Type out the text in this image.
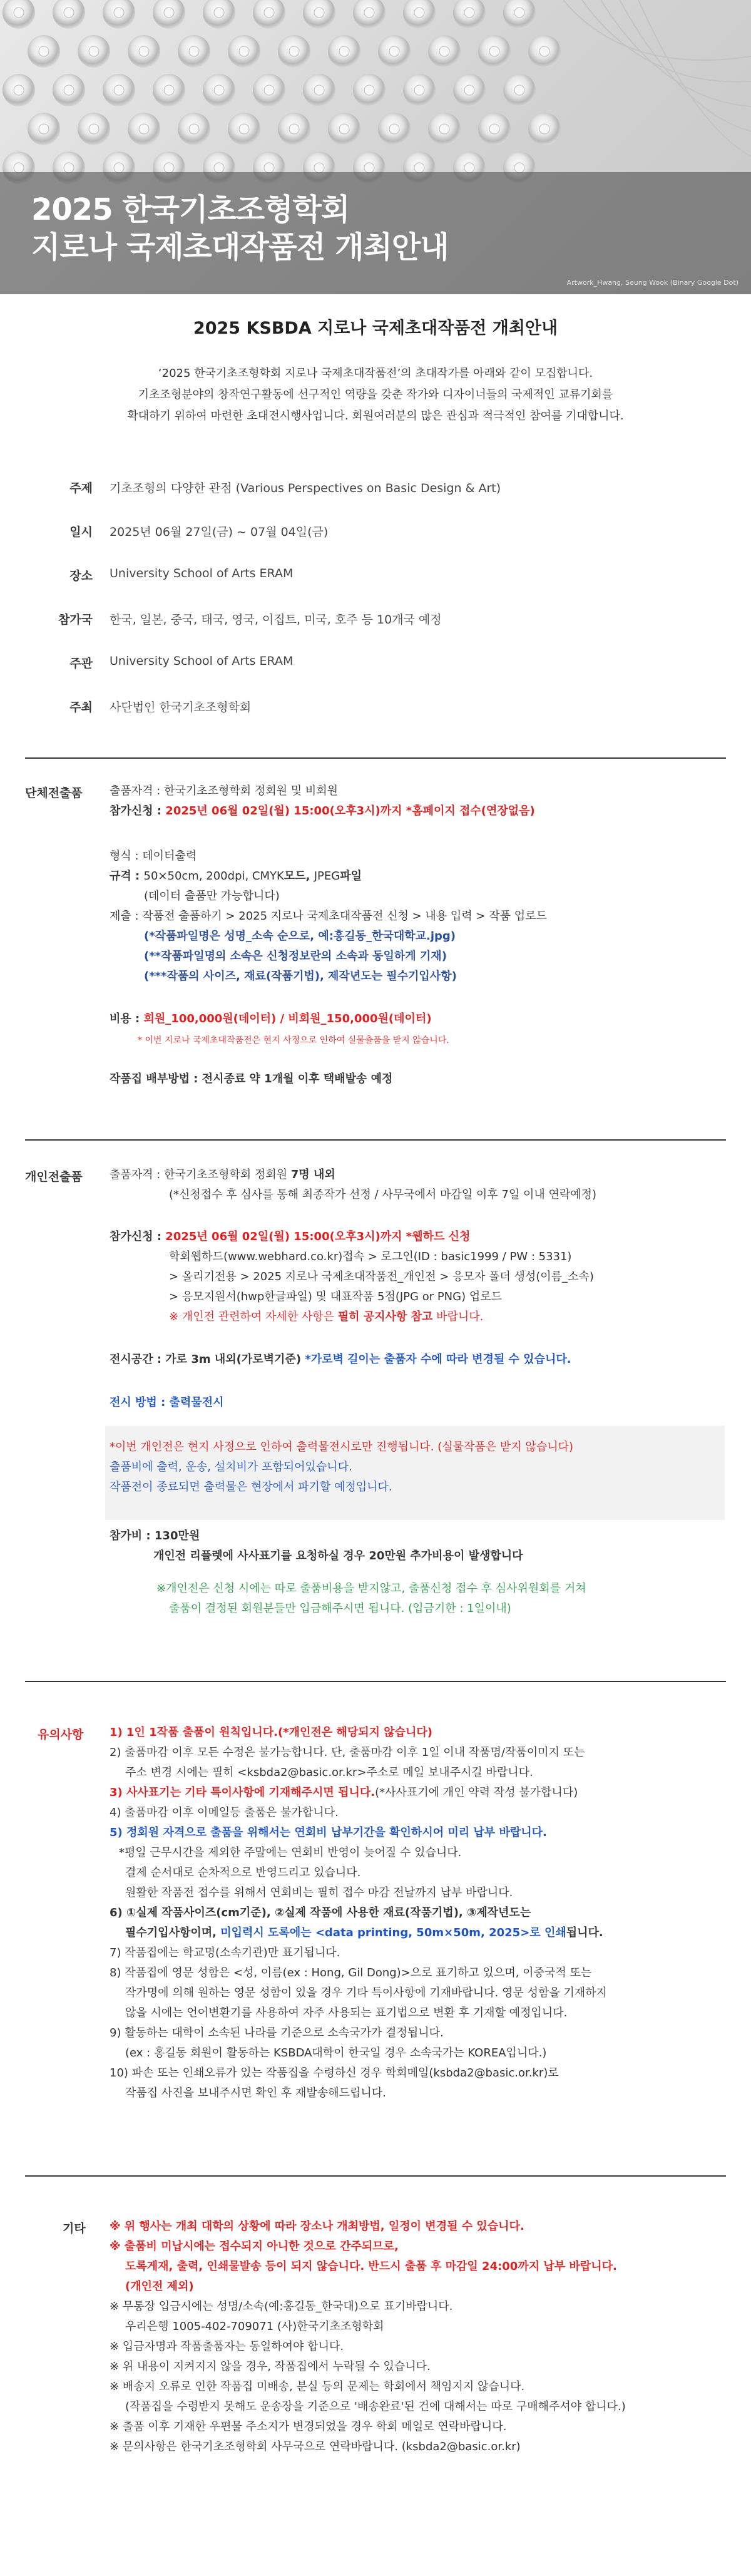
2025 한국기초조형학회
지로나 국제초대작품전 개최안내
Artwork_Hwang, Seung Wook (Binary Google Dot)
2025 KSBDA 지로나 국제초대작품전 개최안내
‘2025 한국기초조형학회 지로나 국제초대작품전’의 초대작가를 아래와 같이 모집합니다.
기초조형분야의 창작연구활동에 선구적인 역량을 갖춘 작가와 디자이너들의 국제적인 교류기회를
확대하기 위하여 마련한 초대전시행사입니다. 회원여러분의 많은 관심과 적극적인 참여를 기대합니다.
주제 기초조형의 다양한 관점 (Various Perspectives on Basic Design & Art)
일시 2025년 06월 27일(금) ~ 07월 04일(금)
장소 University School of Arts ERAM
참가국 한국, 일본, 중국, 태국, 영국, 이집트, 미국, 호주 등 10개국 예정
주관 University School of Arts ERAM
주최 사단법인 한국기초조형학회
단체전출품 출품자격 : 한국기초조형학회 정회원 및 비회원
참가신청 : 2025년 06월 02일(월) 15:00(오후3시)까지 *홈페이지 접수(연장없음)
형식 : 데이터출력
규격 : 50×50cm, 200dpi, CMYK모드, JPEG파일
(데이터 출품만 가능합니다)
제출 : 작품전 출품하기 > 2025 지로나 국제초대작품전 신청 > 내용 입력 > 작품 업로드
(*작품파일명은 성명_소속 순으로, 예:홍길동_한국대학교.jpg)
(**작품파일명의 소속은 신청정보란의 소속과 동일하게 기재)
(***작품의 사이즈, 재료(작품기법), 제작년도는 필수기입사항)
비용 : 회원_100,000원(데이터) / 비회원_150,000원(데이터)
* 이번 지로나 국제초대작품전은 현지 사정으로 인하여 실물출품을 받지 않습니다.
작품집 배부방법 : 전시종료 약 1개월 이후 택배발송 예정
개인전출품 출품자격 : 한국기초조형학회 정회원 7명 내외
(*신청접수 후 심사를 통해 최종작가 선정 / 사무국에서 마감일 이후 7일 이내 연락예정)
참가신청 : 2025년 06월 02일(월) 15:00(오후3시)까지 *웹하드 신청
학회웹하드(www.webhard.co.kr)접속 > 로그인(ID : basic1999 / PW : 5331)
> 올리기전용 > 2025 지로나 국제초대작품전_개인전 > 응모자 폴더 생성(이름_소속)
> 응모지원서(hwp한글파일) 및 대표작품 5점(JPG or PNG) 업로드
※ 개인전 관련하여 자세한 사항은 필히 공지사항 참고 바랍니다.
전시공간 : 가로 3m 내외(가로벽기준) *가로벽 길이는 출품자 수에 따라 변경될 수 있습니다.
전시 방법 : 출력물전시
*이번 개인전은 현지 사정으로 인하여 출력물전시로만 진행됩니다. (실물작품은 받지 않습니다)
출품비에 출력, 운송, 설치비가 포함되어있습니다.
작품전이 종료되면 출력물은 현장에서 파기할 예정입니다.
참가비 : 130만원
개인전 리플렛에 사사표기를 요청하실 경우 20만원 추가비용이 발생합니다
※개인전은 신청 시에는 따로 출품비용을 받지않고, 출품신청 접수 후 심사위원회를 거쳐
출품이 결정된 회원분들만 입금해주시면 됩니다. (입금기한 : 1일이내)
유의사항 1) 1인 1작품 출품이 원칙입니다.(*개인전은 해당되지 않습니다)
2) 출품마감 이후 모든 수정은 불가능합니다. 단, 출품마감 이후 1일 이내 작품명/작품이미지 또는
주소 변경 시에는 필히 <ksbda2@basic.or.kr>주소로 메일 보내주시길 바랍니다.
3) 사사표기는 기타 특이사항에 기재해주시면 됩니다.(*사사표기에 개인 약력 작성 불가합니다)
4) 출품마감 이후 이메일등 출품은 불가합니다.
5) 정회원 자격으로 출품을 위해서는 연회비 납부기간을 확인하시어 미리 납부 바랍니다.
*평일 근무시간을 제외한 주말에는 연회비 반영이 늦어질 수 있습니다.
결제 순서대로 순차적으로 반영드리고 있습니다.
원활한 작품전 접수를 위해서 연회비는 필히 접수 마감 전날까지 납부 바랍니다.
6) ①실제 작품사이즈(cm기준), ②실제 작품에 사용한 재료(작품기법), ③제작년도는
필수기입사항이며, 미입력시 도록에는 <data printing, 50m×50m, 2025>로 인쇄됩니다.
7) 작품집에는 학교명(소속기관)만 표기됩니다.
8) 작품집에 영문 성함은 <성, 이름(ex : Hong, Gil Dong)>으로 표기하고 있으며, 이중국적 또는
작가명에 의해 원하는 영문 성함이 있을 경우 기타 특이사항에 기재바랍니다. 영문 성함을 기재하지
않을 시에는 언어변환기를 사용하여 자주 사용되는 표기법으로 변환 후 기재할 예정입니다.
9) 활동하는 대학이 소속된 나라를 기준으로 소속국가가 결정됩니다.
(ex : 홍길동 회원이 활동하는 KSBDA대학이 한국일 경우 소속국가는 KOREA입니다.)
10) 파손 또는 인쇄오류가 있는 작품집을 수령하신 경우 학회메일(ksbda2@basic.or.kr)로
작품집 사진을 보내주시면 확인 후 재발송해드립니다.
기타 ※ 위 행사는 개최 대학의 상황에 따라 장소나 개최방법, 일정이 변경될 수 있습니다.
※ 출품비 미납시에는 접수되지 아니한 것으로 간주되므로,
도록게재, 출력, 인쇄물발송 등이 되지 않습니다. 반드시 출품 후 마감일 24:00까지 납부 바랍니다.
(개인전 제외)
※ 무통장 입금시에는 성명/소속(예:홍길동_한국대)으로 표기바랍니다.
우리은행 1005-402-709071 (사)한국기초조형학회
※ 입금자명과 작품출품자는 동일하여야 합니다.
※ 위 내용이 지켜지지 않을 경우, 작품집에서 누락될 수 있습니다.
※ 배송지 오류로 인한 작품집 미배송, 분실 등의 문제는 학회에서 책임지지 않습니다.
(작품집을 수령받지 못해도 운송장을 기준으로 '배송완료'된 건에 대해서는 따로 구매해주셔야 합니다.)
※ 출품 이후 기재한 우편물 주소지가 변경되었을 경우 학회 메일로 연락바랍니다.
※ 문의사항은 한국기초조형학회 사무국으로 연락바랍니다. (ksbda2@basic.or.kr)
